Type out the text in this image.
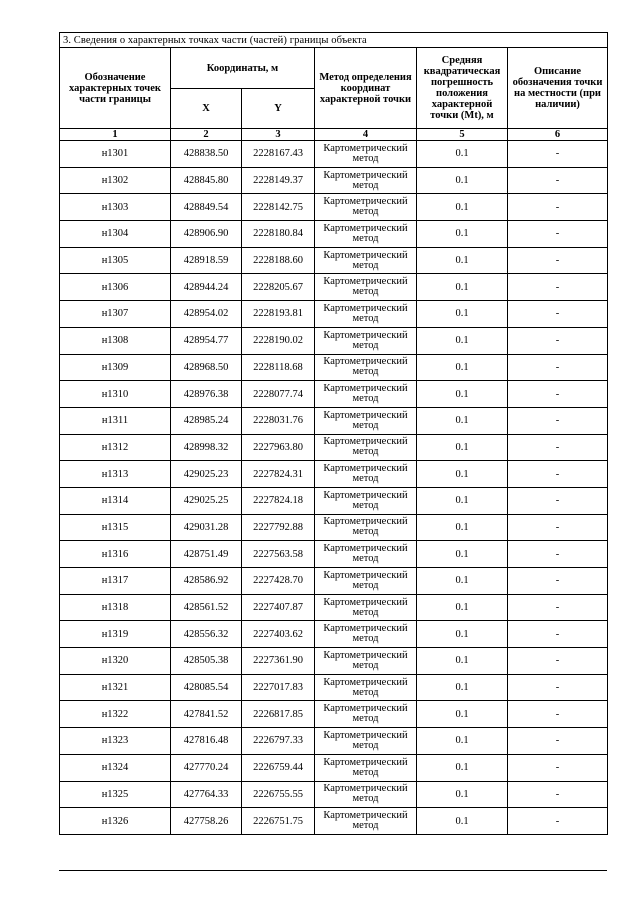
3. Сведения о характерных точках части (частей) границы объекта					
Обозначение характерных точек части границы	Координаты, м		Метод определения координат характерной точки	Средняя квадратическая погрешность положения характерной точки (Mt), м	Описание обозначения точки на местности (при наличии)
	X	Y			
1	2	3	4	5	6
н1301	428838.50	2228167.43	Картометрический метод	0.1	-
н1302	428845.80	2228149.37	Картометрический метод	0.1	-
н1303	428849.54	2228142.75	Картометрический метод	0.1	-
н1304	428906.90	2228180.84	Картометрический метод	0.1	-
н1305	428918.59	2228188.60	Картометрический метод	0.1	-
н1306	428944.24	2228205.67	Картометрический метод	0.1	-
н1307	428954.02	2228193.81	Картометрический метод	0.1	-
н1308	428954.77	2228190.02	Картометрический метод	0.1	-
н1309	428968.50	2228118.68	Картометрический метод	0.1	-
н1310	428976.38	2228077.74	Картометрический метод	0.1	-
н1311	428985.24	2228031.76	Картометрический метод	0.1	-
н1312	428998.32	2227963.80	Картометрический метод	0.1	-
н1313	429025.23	2227824.31	Картометрический метод	0.1	-
н1314	429025.25	2227824.18	Картометрический метод	0.1	-
н1315	429031.28	2227792.88	Картометрический метод	0.1	-
н1316	428751.49	2227563.58	Картометрический метод	0.1	-
н1317	428586.92	2227428.70	Картометрический метод	0.1	-
н1318	428561.52	2227407.87	Картометрический метод	0.1	-
н1319	428556.32	2227403.62	Картометрический метод	0.1	-
н1320	428505.38	2227361.90	Картометрический метод	0.1	-
н1321	428085.54	2227017.83	Картометрический метод	0.1	-
н1322	427841.52	2226817.85	Картометрический метод	0.1	-
н1323	427816.48	2226797.33	Картометрический метод	0.1	-
н1324	427770.24	2226759.44	Картометрический метод	0.1	-
н1325	427764.33	2226755.55	Картометрический метод	0.1	-
н1326	427758.26	2226751.75	Картометрический метод	0.1	-
